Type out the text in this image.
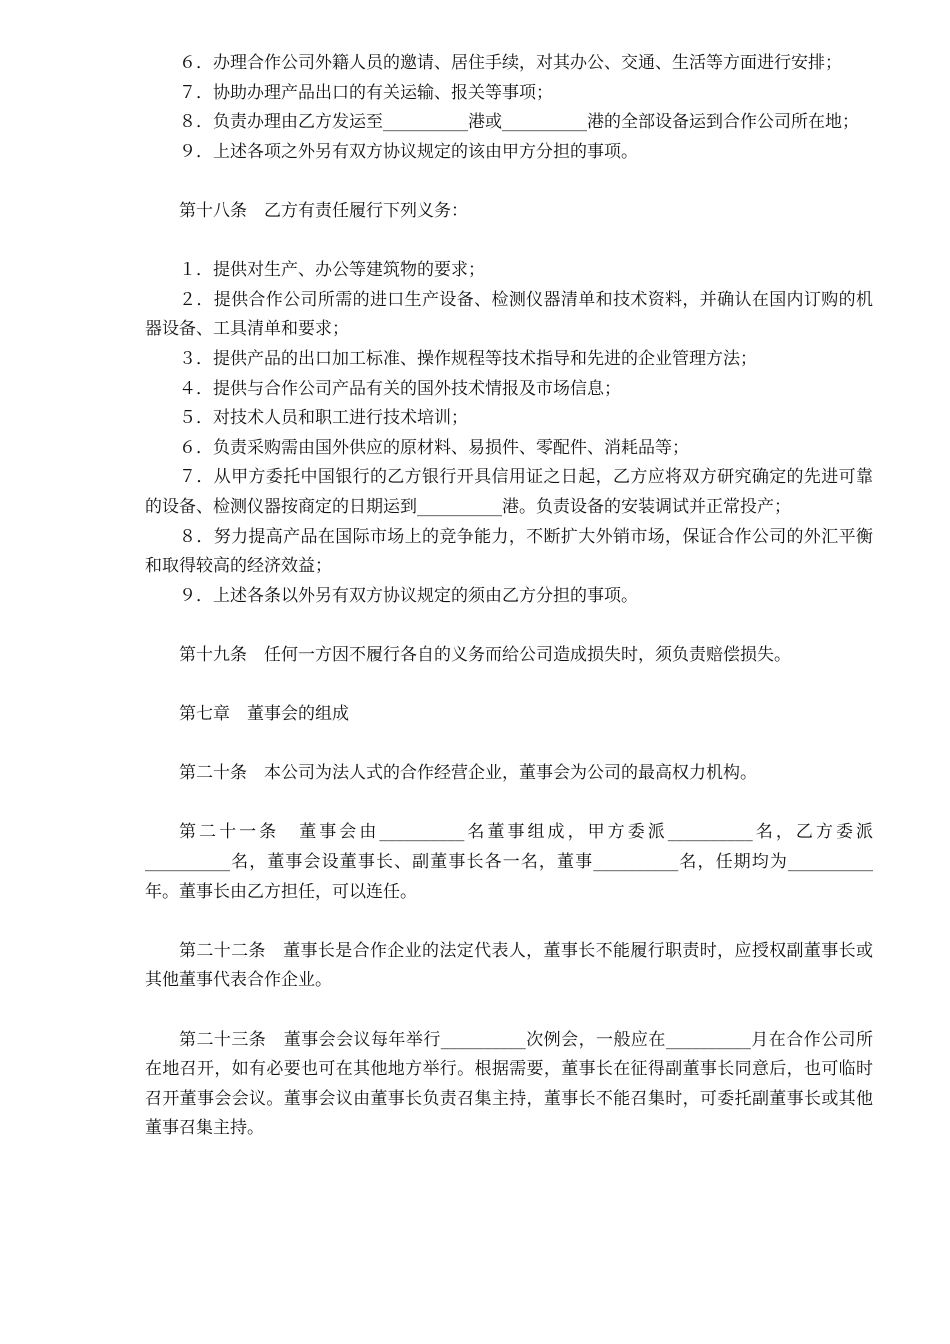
６．办理合作公司外籍人员的邀请、居住手续，对其办公、交通、生活等方面进行安排；

７．协助办理产品出口的有关运输、报关等事项；

８．负责办理由乙方发运至__________港或__________港的全部设备运到合作公司所在地；

９．上述各项之外另有双方协议规定的该由甲方分担的事项。

第十八条　乙方有责任履行下列义务：

１．提供对生产、办公等建筑物的要求；

２．提供合作公司所需的进口生产设备、检测仪器清单和技术资料，并确认在国内订购的机器设备、工具清单和要求；

３．提供产品的出口加工标准、操作规程等技术指导和先进的企业管理方法；

４．提供与合作公司产品有关的国外技术情报及市场信息；

５．对技术人员和职工进行技术培训；

６．负责采购需由国外供应的原材料、易损件、零配件、消耗品等；

７．从甲方委托中国银行的乙方银行开具信用证之日起，乙方应将双方研究确定的先进可靠的设备、检测仪器按商定的日期运到__________港。负责设备的安装调试并正常投产；

８．努力提高产品在国际市场上的竞争能力，不断扩大外销市场，保证合作公司的外汇平衡和取得较高的经济效益；

９．上述各条以外另有双方协议规定的须由乙方分担的事项。

第十九条　任何一方因不履行各自的义务而给公司造成损失时，须负责赔偿损失。

第七章　董事会的组成

第二十条　本公司为法人式的合作经营企业，董事会为公司的最高权力机构。

第二十一条　董事会由__________名董事组成，甲方委派__________名，乙方委派__________名，董事会设董事长、副董事长各一名，董事__________名，任期均为__________年。董事长由乙方担任，可以连任。

第二十二条　董事长是合作企业的法定代表人，董事长不能履行职责时，应授权副董事长或其他董事代表合作企业。

第二十三条　董事会会议每年举行__________次例会，一般应在__________月在合作公司所在地召开，如有必要也可在其他地方举行。根据需要，董事长在征得副董事长同意后，也可临时召开董事会会议。董事会议由董事长负责召集主持，董事长不能召集时，可委托副董事长或其他董事召集主持。
